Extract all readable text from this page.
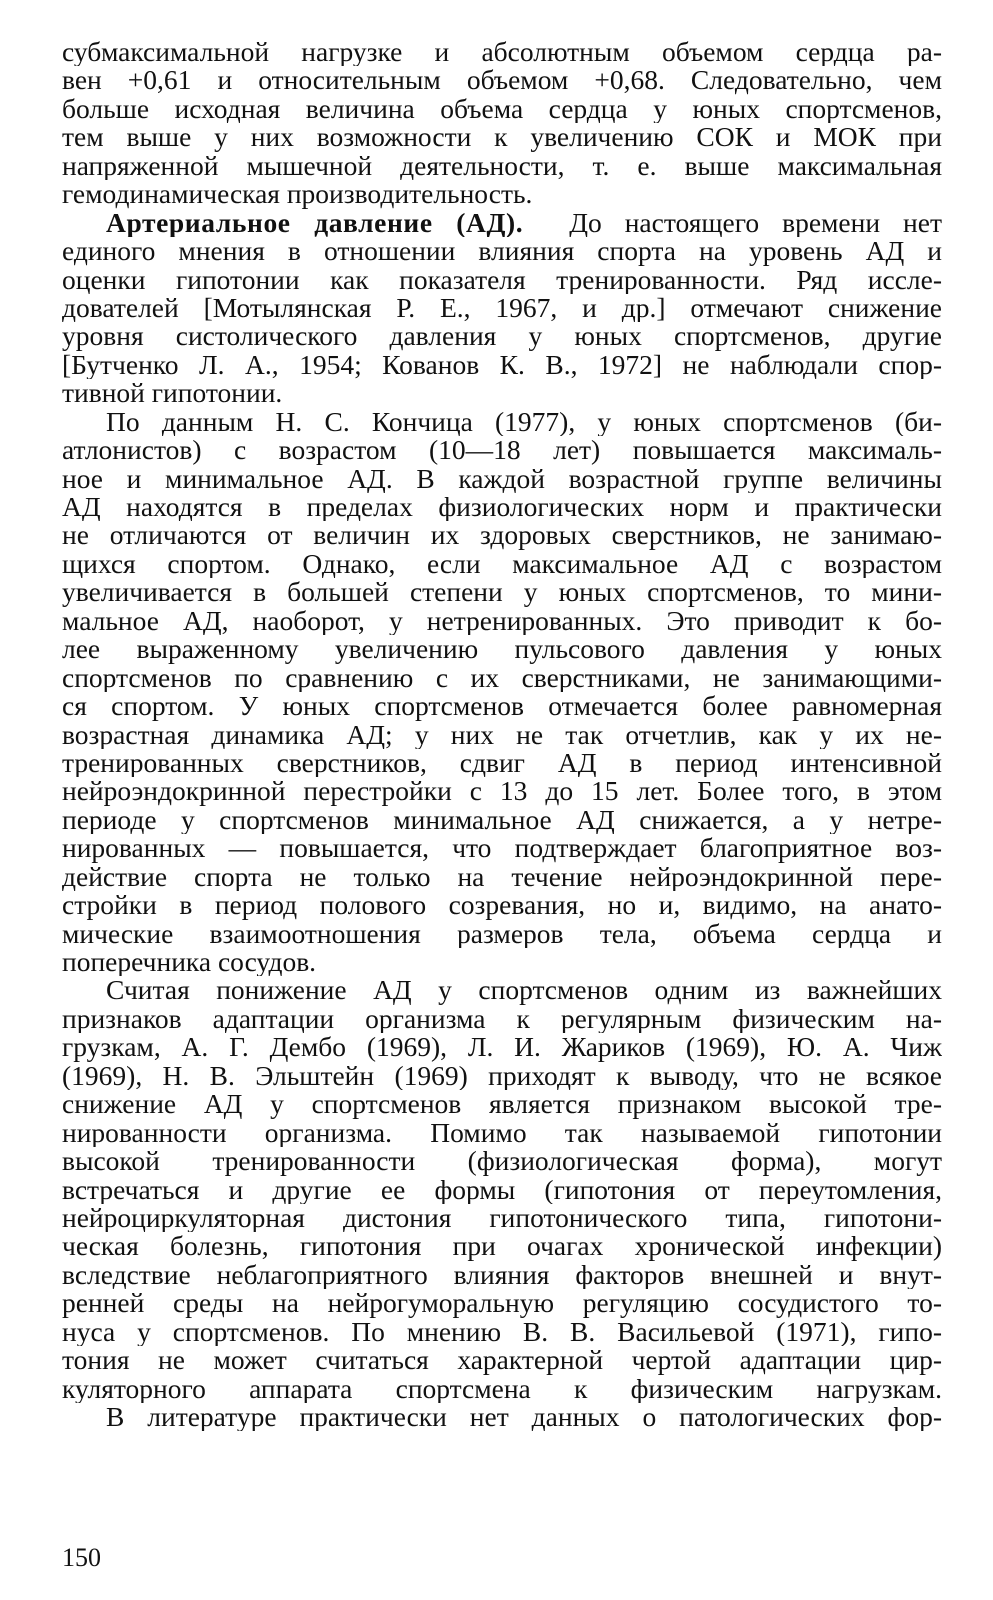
субмаксимальной нагрузке и абсолютным объемом сердца ра-
вен +0,61 и относительным объемом +0,68. Следовательно, чем
больше исходная величина объема сердца у юных спортсменов,
тем выше у них возможности к увеличению СОК и МОК при
напряженной мышечной деятельности, т. е. выше максимальная
гемодинамическая производительность.
Артериальное давление (АД). До настоящего времени нет
единого мнения в отношении влияния спорта на уровень АД и
оценки гипотонии как показателя тренированности. Ряд иссле-
дователей [Мотылянская Р. Е., 1967, и др.] отмечают снижение
уровня систолического давления у юных спортсменов, другие
[Бутченко Л. А., 1954; Кованов К. В., 1972] не наблюдали спор-
тивной гипотонии.
По данным Н. С. Кончица (1977), у юных спортсменов (би-
атлонистов) с возрастом (10—18 лет) повышается максималь-
ное и минимальное АД. В каждой возрастной группе величины
АД находятся в пределах физиологических норм и практически
не отличаются от величин их здоровых сверстников, не занимаю-
щихся спортом. Однако, если максимальное АД с возрастом
увеличивается в большей степени у юных спортсменов, то мини-
мальное АД, наоборот, у нетренированных. Это приводит к бо-
лее выраженному увеличению пульсового давления у юных
спортсменов по сравнению с их сверстниками, не занимающими-
ся спортом. У юных спортсменов отмечается более равномерная
возрастная динамика АД; у них не так отчетлив, как у их не-
тренированных сверстников, сдвиг АД в период интенсивной
нейроэндокринной перестройки с 13 до 15 лет. Более того, в этом
периоде у спортсменов минимальное АД снижается, а у нетре-
нированных — повышается, что подтверждает благоприятное воз-
действие спорта не только на течение нейроэндокринной пере-
стройки в период полового созревания, но и, видимо, на анато-
мические взаимоотношения размеров тела, объема сердца и
поперечника сосудов.
Считая понижение АД у спортсменов одним из важнейших
признаков адаптации организма к регулярным физическим на-
грузкам, А. Г. Дембо (1969), Л. И. Жариков (1969), Ю. А. Чиж
(1969), Н. В. Эльштейн (1969) приходят к выводу, что не всякое
снижение АД у спортсменов является признаком высокой тре-
нированности организма. Помимо так называемой гипотонии
высокой тренированности (физиологическая форма), могут
встречаться и другие ее формы (гипотония от переутомления,
нейроциркуляторная дистония гипотонического типа, гипотони-
ческая болезнь, гипотония при очагах хронической инфекции)
вследствие неблагоприятного влияния факторов внешней и внут-
ренней среды на нейрогуморальную регуляцию сосудистого то-
нуса у спортсменов. По мнению В. В. Васильевой (1971), гипо-
тония не может считаться характерной чертой адаптации цир-
куляторного аппарата спортсмена к физическим нагрузкам.
В литературе практически нет данных о патологических фор-
150
